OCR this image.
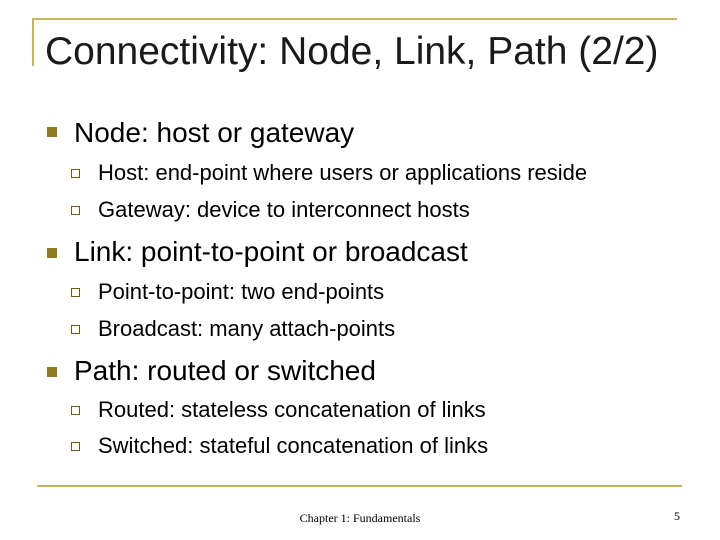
Connectivity: Node, Link, Path (2/2)
Node: host or gateway
Host: end-point where users or applications reside
Gateway: device to interconnect hosts
Link: point-to-point or broadcast
Point-to-point: two end-points
Broadcast: many attach-points
Path: routed or switched
Routed: stateless concatenation of links
Switched: stateful concatenation of links
Chapter 1: Fundamentals	5
